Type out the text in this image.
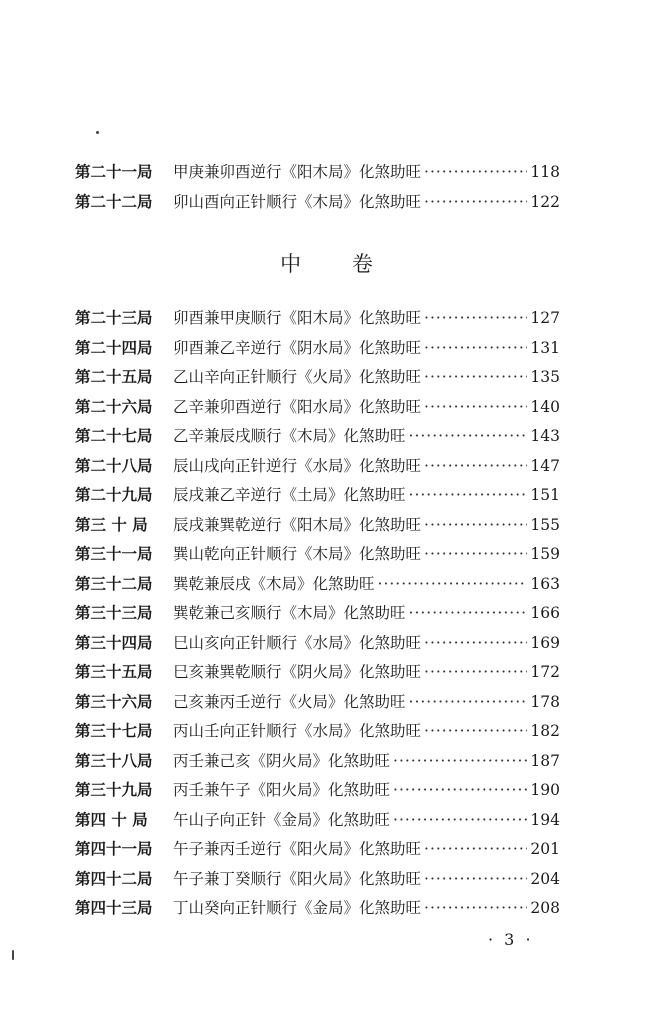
第二十一局	甲庚兼卯酉逆行《阳木局》化煞助旺 ·····	118
第二十二局	卯山酉向正针顺行《木局》化煞助旺 ·····	122
中 卷
第二十三局	卯酉兼甲庚顺行《阳木局》化煞助旺 ·····	127
第二十四局	卯酉兼乙辛逆行《阴水局》化煞助旺 ·····	131
第二十五局	乙山辛向正针顺行《火局》化煞助旺 ·····	135
第二十六局	乙辛兼卯酉逆行《阳水局》化煞助旺 ·····	140
第二十七局	乙辛兼辰戌顺行《木局》化煞助旺 ·····	143
第二十八局	辰山戌向正针逆行《水局》化煞助旺 ·····	147
第二十九局	辰戌兼乙辛逆行《土局》化煞助旺 ·····	151
第三 十 局	辰戌兼巽乾逆行《阳木局》化煞助旺 ·····	155
第三十一局	巽山乾向正针顺行《木局》化煞助旺 ·····	159
第三十二局	巽乾兼辰戌《木局》化煞助旺 ·····	163
第三十三局	巽乾兼己亥顺行《木局》化煞助旺 ·····	166
第三十四局	巳山亥向正针顺行《水局》化煞助旺 ·····	169
第三十五局	巳亥兼巽乾顺行《阴火局》化煞助旺 ·····	172
第三十六局	己亥兼丙壬逆行《火局》化煞助旺 ·····	178
第三十七局	丙山壬向正针顺行《水局》化煞助旺 ·····	182
第三十八局	丙壬兼己亥《阴火局》化煞助旺 ·····	187
第三十九局	丙壬兼午子《阳火局》化煞助旺 ·····	190
第四 十 局	午山子向正针《金局》化煞助旺 ·····	194
第四十一局	午子兼丙壬逆行《阳火局》化煞助旺 ·····	201
第四十二局	午子兼丁癸顺行《阳火局》化煞助旺 ·····	204
第四十三局	丁山癸向正针顺行《金局》化煞助旺 ·····	208
· 3 ·
